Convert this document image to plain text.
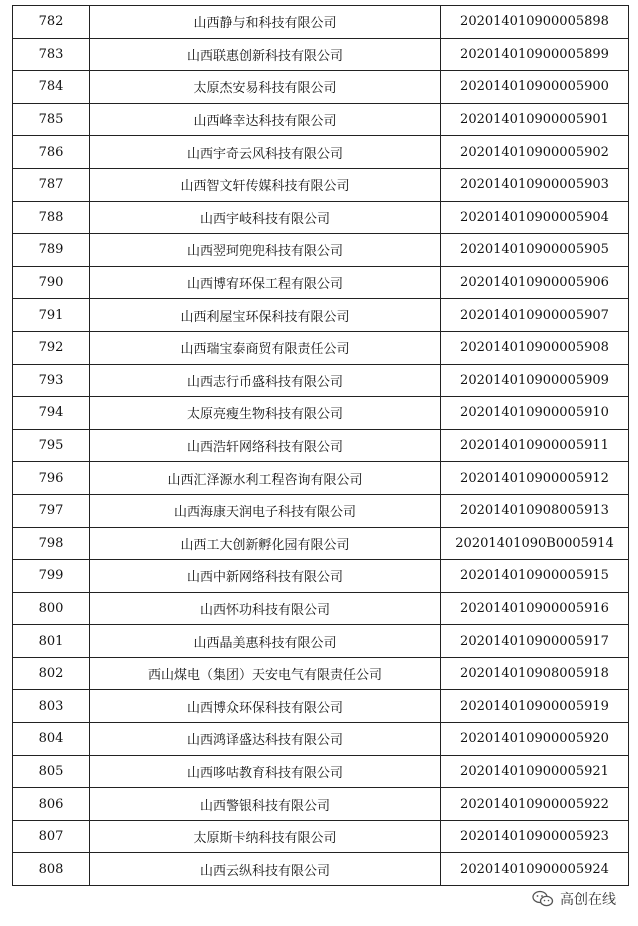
782	山西静与和科技有限公司	202014010900005898
783	山西联惠创新科技有限公司	202014010900005899
784	太原杰安易科技有限公司	202014010900005900
785	山西峰幸达科技有限公司	202014010900005901
786	山西宇奇云风科技有限公司	202014010900005902
787	山西智文轩传媒科技有限公司	202014010900005903
788	山西宇岐科技有限公司	202014010900005904
789	山西翌珂兜兜科技有限公司	202014010900005905
790	山西博宥环保工程有限公司	202014010900005906
791	山西利屋宝环保科技有限公司	202014010900005907
792	山西瑞宝泰商贸有限责任公司	202014010900005908
793	山西志行币盛科技有限公司	202014010900005909
794	太原亮瘦生物科技有限公司	202014010900005910
795	山西浩轩网络科技有限公司	202014010900005911
796	山西汇泽源水利工程咨询有限公司	202014010900005912
797	山西海康天润电子科技有限公司	202014010908005913
798	山西工大创新孵化园有限公司	20201401090B0005914
799	山西中新网络科技有限公司	202014010900005915
800	山西怀功科技有限公司	202014010900005916
801	山西晶美惠科技有限公司	202014010900005917
802	西山煤电（集团）天安电气有限责任公司	202014010908005918
803	山西博众环保科技有限公司	202014010900005919
804	山西鸿译盛达科技有限公司	202014010900005920
805	山西哆咕教育科技有限公司	202014010900005921
806	山西警银科技有限公司	202014010900005922
807	太原斯卡纳科技有限公司	202014010900005923
808	山西云纵科技有限公司	202014010900005924
高创在线
